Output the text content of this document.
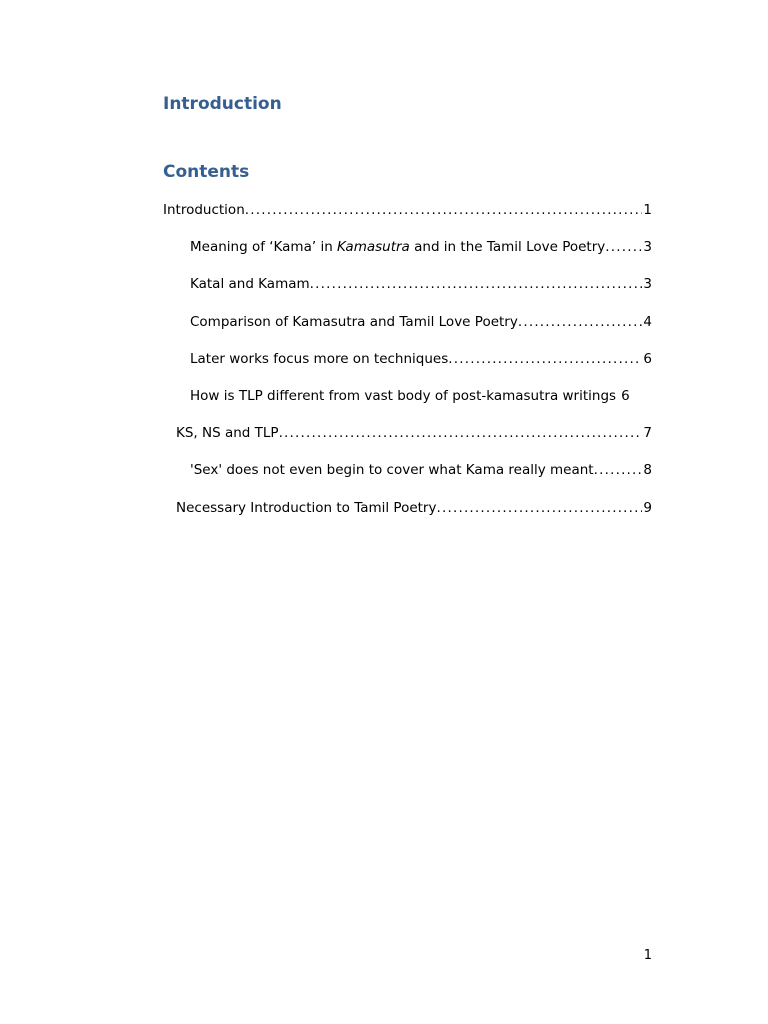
Introduction
Contents
Introduction .....	1
Meaning of ‘Kama’ in Kamasutra and in the Tamil Love Poetry .....	3
Katal and Kamam .....	3
Comparison of Kamasutra and Tamil Love Poetry .....	4
Later works focus more on techniques .....	6
How is TLP different from vast body of post-kamasutra writings 6
KS, NS and TLP .....	7
'Sex' does not even begin to cover what Kama really meant .....	8
Necessary Introduction to Tamil Poetry .....	9
1
